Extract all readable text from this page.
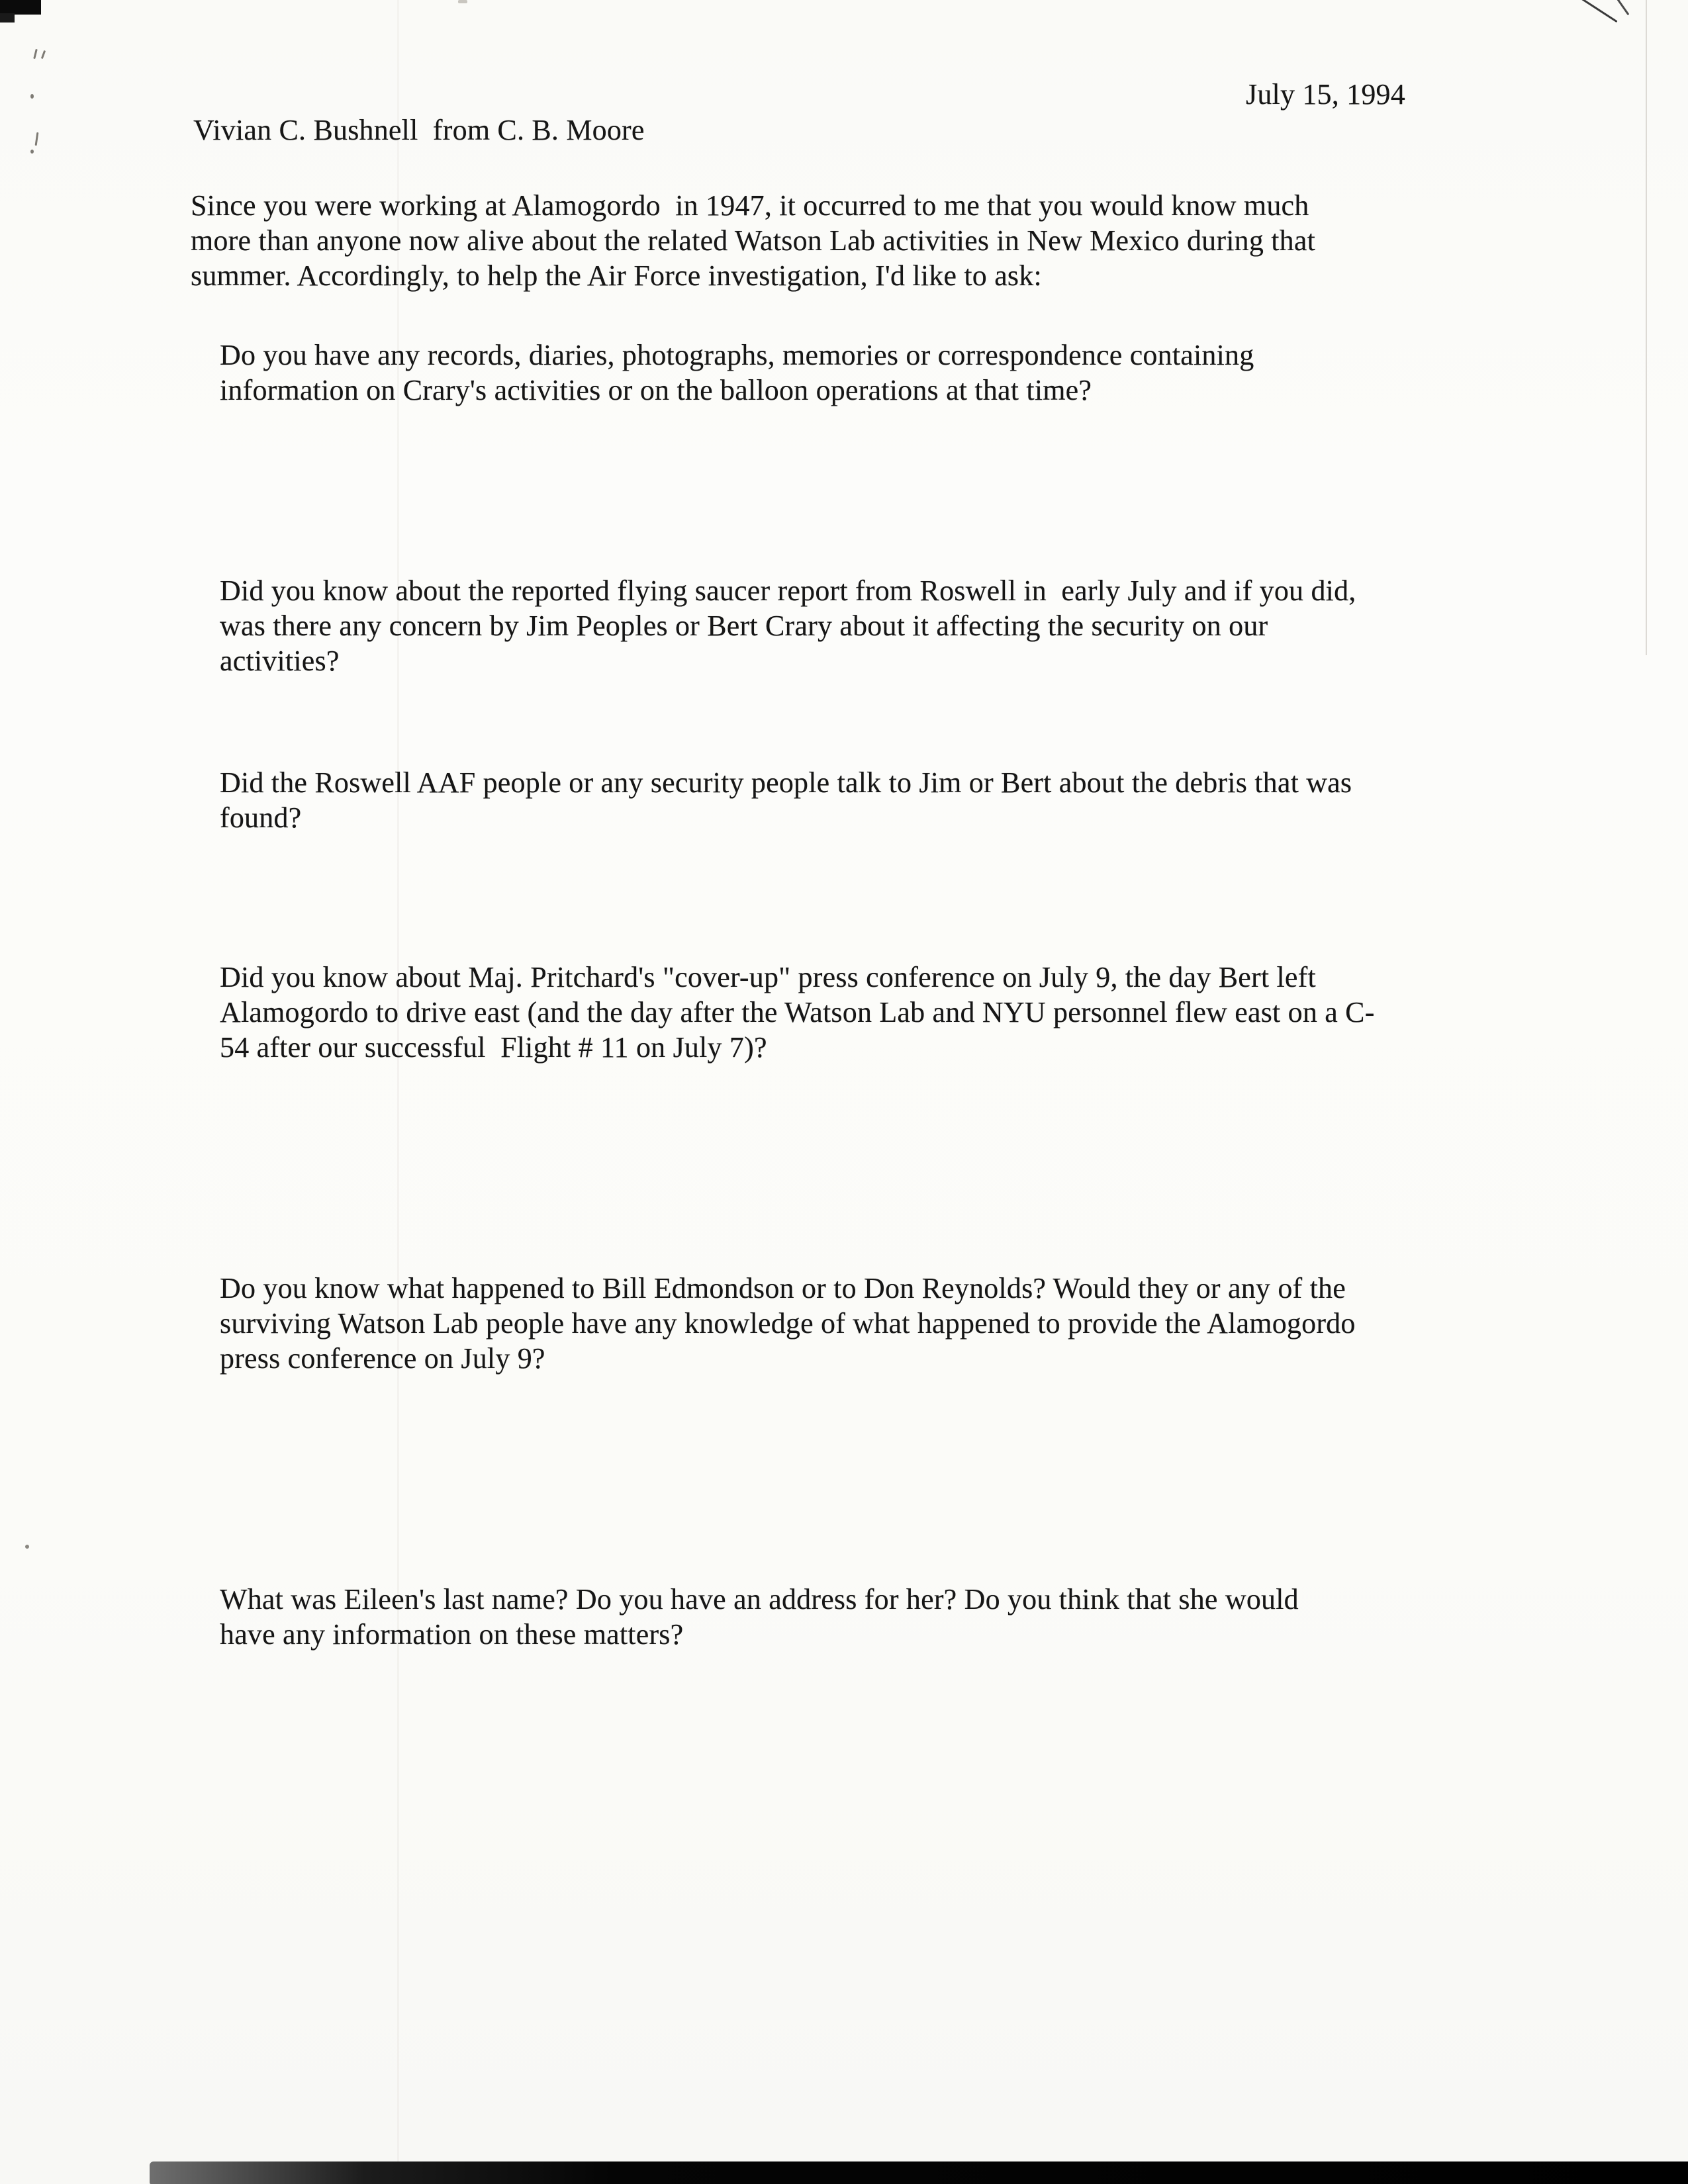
July 15, 1994
Vivian C. Bushnell  from C. B. Moore
Since you were working at Alamogordo  in 1947, it occurred to me that you would know much more than anyone now alive about the related Watson Lab activities in New Mexico during that summer. Accordingly, to help the Air Force investigation, I'd like to ask:
Do you have any records, diaries, photographs, memories or correspondence containing information on Crary's activities or on the balloon operations at that time?
Did you know about the reported flying saucer report from Roswell in  early July and if you did, was there any concern by Jim Peoples or Bert Crary about it affecting the security on our activities?
Did the Roswell AAF people or any security people talk to Jim or Bert about the debris that was found?
Did you know about Maj. Pritchard's "cover-up" press conference on July 9, the day Bert left Alamogordo to drive east (and the day after the Watson Lab and NYU personnel flew east on a C-54 after our successful  Flight # 11 on July 7)?
Do you know what happened to Bill Edmondson or to Don Reynolds? Would they or any of the surviving Watson Lab people have any knowledge of what happened to provide the Alamogordo press conference on July 9?
What was Eileen's last name? Do you have an address for her? Do you think that she would have any information on these matters?
